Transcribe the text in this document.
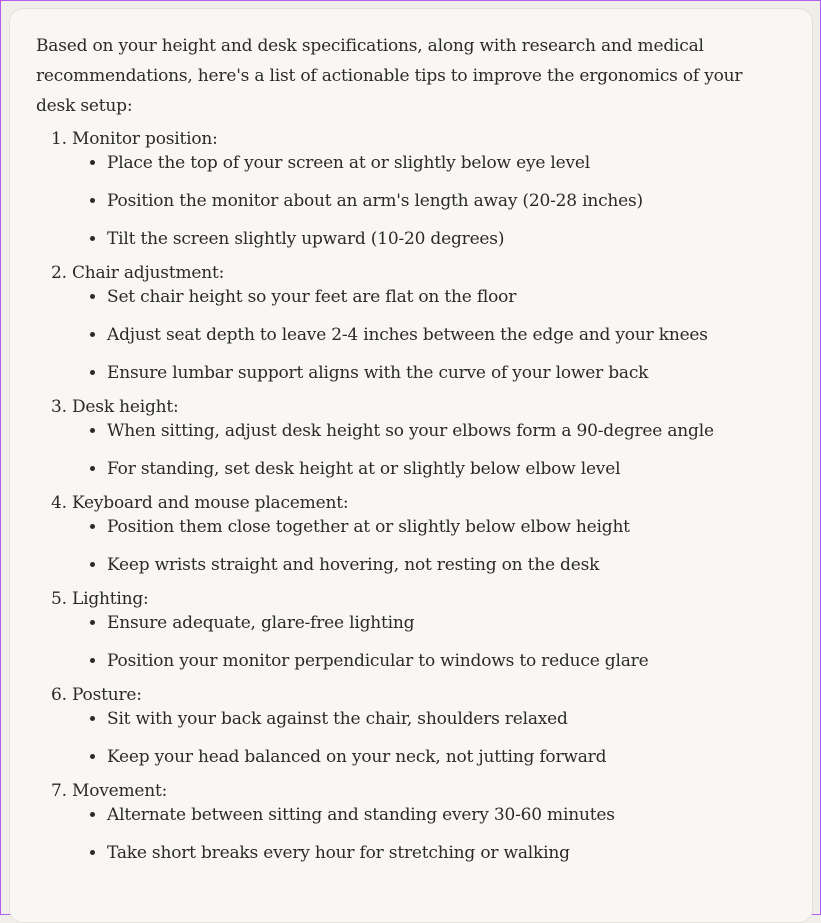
Based on your height and desk specifications, along with research and medical recommendations, here's a list of actionable tips to improve the ergonomics of your desk setup:

1. Monitor position:
• Place the top of your screen at or slightly below eye level
• Position the monitor about an arm's length away (20-28 inches)
• Tilt the screen slightly upward (10-20 degrees)
2. Chair adjustment:
• Set chair height so your feet are flat on the floor
• Adjust seat depth to leave 2-4 inches between the edge and your knees
• Ensure lumbar support aligns with the curve of your lower back
3. Desk height:
• When sitting, adjust desk height so your elbows form a 90-degree angle
• For standing, set desk height at or slightly below elbow level
4. Keyboard and mouse placement:
• Position them close together at or slightly below elbow height
• Keep wrists straight and hovering, not resting on the desk
5. Lighting:
• Ensure adequate, glare-free lighting
• Position your monitor perpendicular to windows to reduce glare
6. Posture:
• Sit with your back against the chair, shoulders relaxed
• Keep your head balanced on your neck, not jutting forward
7. Movement:
• Alternate between sitting and standing every 30-60 minutes
• Take short breaks every hour for stretching or walking
